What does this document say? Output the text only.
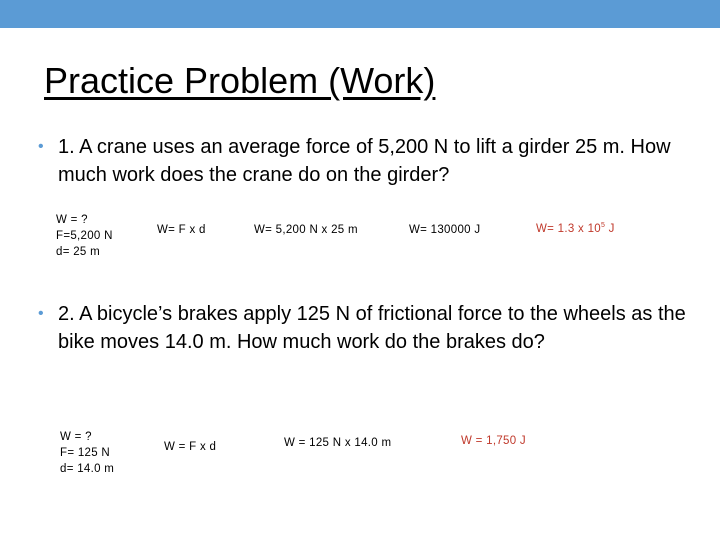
Practice Problem (Work)
• 1. A crane uses an average force of 5,200 N to lift a girder 25 m. How much work does the crane do on the girder?
W = ?
F=5,200 N
d= 25 m
W= F x d	W= 5,200 N x 25 m	W= 130000 J	W= 1.3 x $10^5$ J
• 2. A bicycle’s brakes apply 125 N of frictional force to the wheels as the bike moves 14.0 m. How much work do the brakes do?
W = ?
F= 125 N
d= 14.0 m
W = F x d	W = 125 N x 14.0 m	W = 1,750 J
